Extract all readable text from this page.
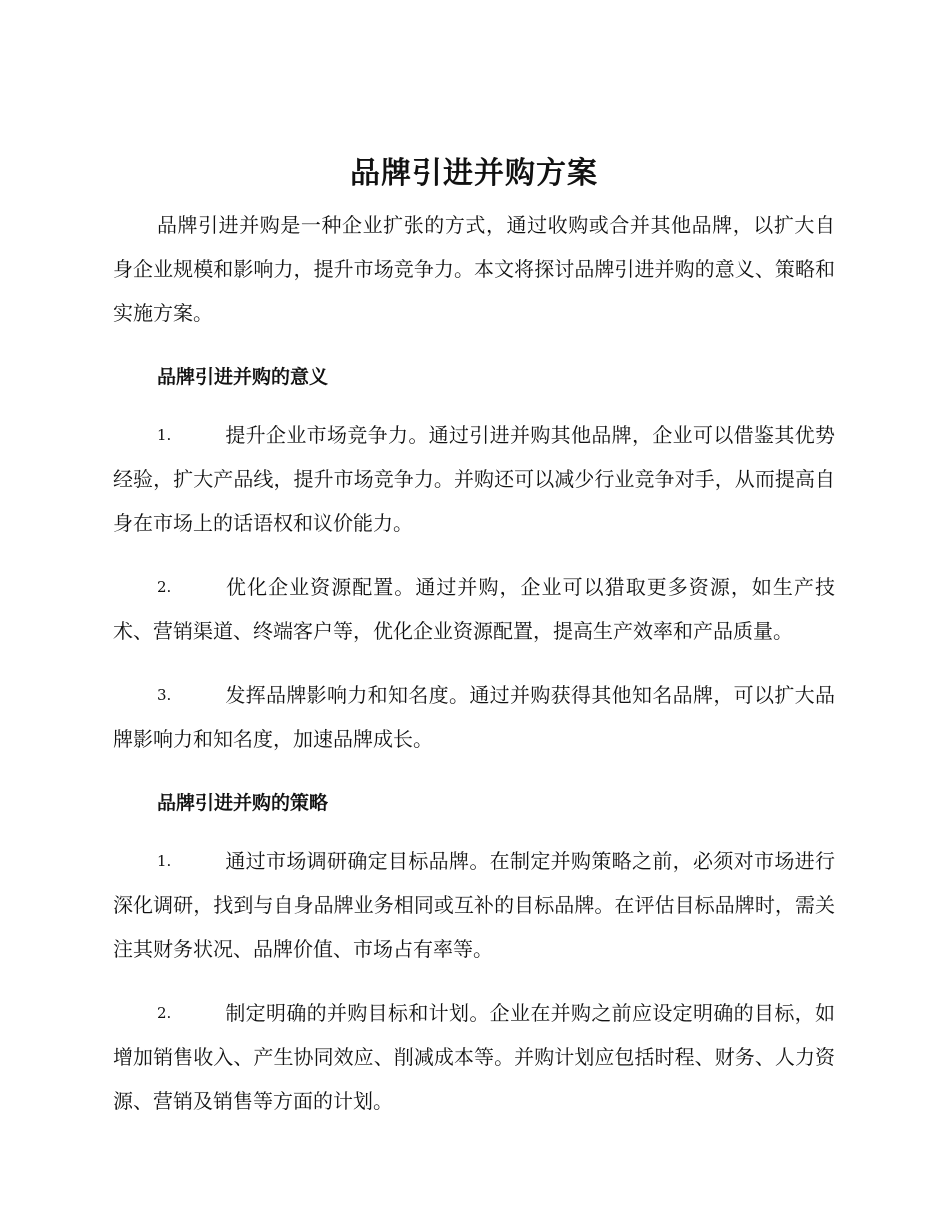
品牌引进并购方案

品牌引进并购是一种企业扩张的方式，通过收购或合并其他品牌，以扩大自身企业规模和影响力，提升市场竞争力。本文将探讨品牌引进并购的意义、策略和实施方案。

品牌引进并购的意义
1.	提升企业市场竞争力。通过引进并购其他品牌，企业可以借鉴其优势经验，扩大产品线，提升市场竞争力。并购还可以减少行业竞争对手，从而提高自身在市场上的话语权和议价能力。
2.	优化企业资源配置。通过并购，企业可以猎取更多资源，如生产技术、营销渠道、终端客户等，优化企业资源配置，提高生产效率和产品质量。
3.	发挥品牌影响力和知名度。通过并购获得其他知名品牌，可以扩大品牌影响力和知名度，加速品牌成长。
品牌引进并购的策略
1.	通过市场调研确定目标品牌。在制定并购策略之前，必须对市场进行深化调研，找到与自身品牌业务相同或互补的目标品牌。在评估目标品牌时，需关注其财务状况、品牌价值、市场占有率等。
2.	制定明确的并购目标和计划。企业在并购之前应设定明确的目标，如增加销售收入、产生协同效应、削减成本等。并购计划应包括时程、财务、人力资源、营销及销售等方面的计划。
